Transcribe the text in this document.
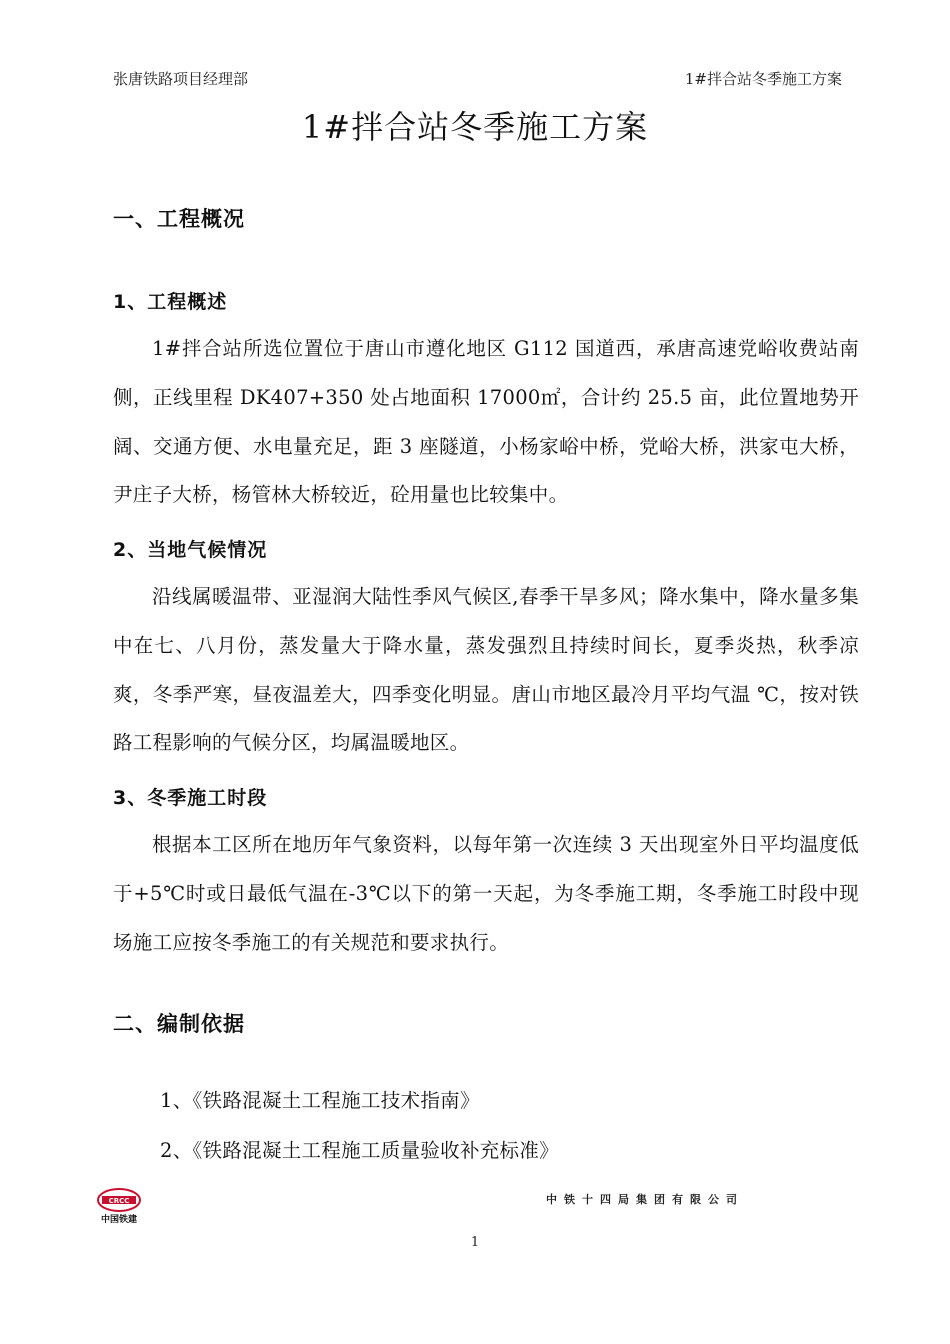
张唐铁路项目经理部	1#拌合站冬季施工方案
1#拌合站冬季施工方案
一、工程概况
1、工程概述

1#拌合站所选位置位于唐山市遵化地区 G112 国道西，承唐高速党峪收费站南侧，正线里程 DK407+350 处占地面积 17000㎡，合计约 25.5 亩，此位置地势开阔、交通方便、水电量充足，距 3 座隧道，小杨家峪中桥，党峪大桥，洪家屯大桥，尹庄子大桥，杨管林大桥较近，砼用量也比较集中。

2、当地气候情况

沿线属暖温带、亚湿润大陆性季风气候区,春季干旱多风；降水集中，降水量多集中在七、八月份，蒸发量大于降水量，蒸发强烈且持续时间长，夏季炎热，秋季凉爽，冬季严寒，昼夜温差大，四季变化明显。唐山市地区最冷月平均气温 ℃，按对铁路工程影响的气候分区，均属温暖地区。

3、冬季施工时段

根据本工区所在地历年气象资料，以每年第一次连续 3 天出现室外日平均温度低于+5℃时或日最低气温在-3℃以下的第一天起，为冬季施工期，冬季施工时段中现场施工应按冬季施工的有关规范和要求执行。

二、编制依据
1、《铁路混凝土工程施工技术指南》
2、《铁路混凝土工程施工质量验收补充标准》
CRCC
中国铁建
中铁十四局集团有限公司
1
